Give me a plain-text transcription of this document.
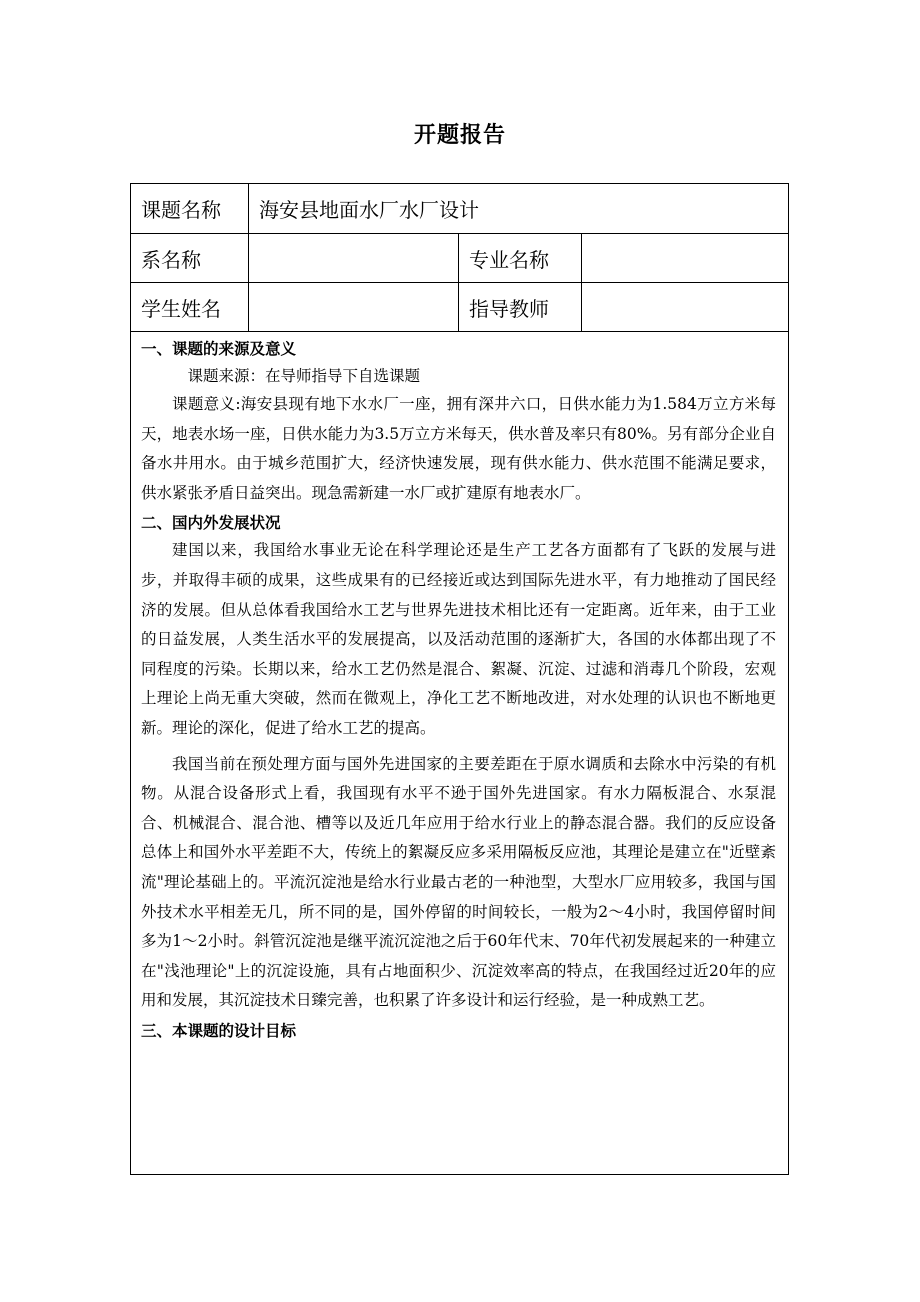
开题报告
课题名称 海安县地面水厂水厂设计
系名称	专业名称
学生姓名	指导教师

一、课题的来源及意义

课题来源：在导师指导下自选课题

课题意义:海安县现有地下水水厂一座，拥有深井六口，日供水能力为1.584万立方米每天，地表水场一座，日供水能力为3.5万立方米每天，供水普及率只有80%。另有部分企业自备水井用水。由于城乡范围扩大，经济快速发展，现有供水能力、供水范围不能满足要求，供水紧张矛盾日益突出。现急需新建一水厂或扩建原有地表水厂。

二、国内外发展状况

建国以来，我国给水事业无论在科学理论还是生产工艺各方面都有了飞跃的发展与进步，并取得丰硕的成果，这些成果有的已经接近或达到国际先进水平，有力地推动了国民经济的发展。但从总体看我国给水工艺与世界先进技术相比还有一定距离。近年来，由于工业的日益发展，人类生活水平的发展提高，以及活动范围的逐渐扩大，各国的水体都出现了不同程度的污染。长期以来，给水工艺仍然是混合、絮凝、沉淀、过滤和消毒几个阶段，宏观上理论上尚无重大突破，然而在微观上，净化工艺不断地改进，对水处理的认识也不断地更新。理论的深化，促进了给水工艺的提高。

我国当前在预处理方面与国外先进国家的主要差距在于原水调质和去除水中污染的有机物。从混合设备形式上看，我国现有水平不逊于国外先进国家。有水力隔板混合、水泵混合、机械混合、混合池、槽等以及近几年应用于给水行业上的静态混合器。我们的反应设备总体上和国外水平差距不大，传统上的絮凝反应多采用隔板反应池，其理论是建立在"近壁紊流"理论基础上的。平流沉淀池是给水行业最古老的一种池型，大型水厂应用较多，我国与国外技术水平相差无几，所不同的是，国外停留的时间较长，一般为2～4小时，我国停留时间多为1～2小时。斜管沉淀池是继平流沉淀池之后于60年代末、70年代初发展起来的一种建立在"浅池理论"上的沉淀设施，具有占地面积少、沉淀效率高的特点，在我国经过近20年的应用和发展，其沉淀技术日臻完善，也积累了许多设计和运行经验，是一种成熟工艺。

三、本课题的设计目标
